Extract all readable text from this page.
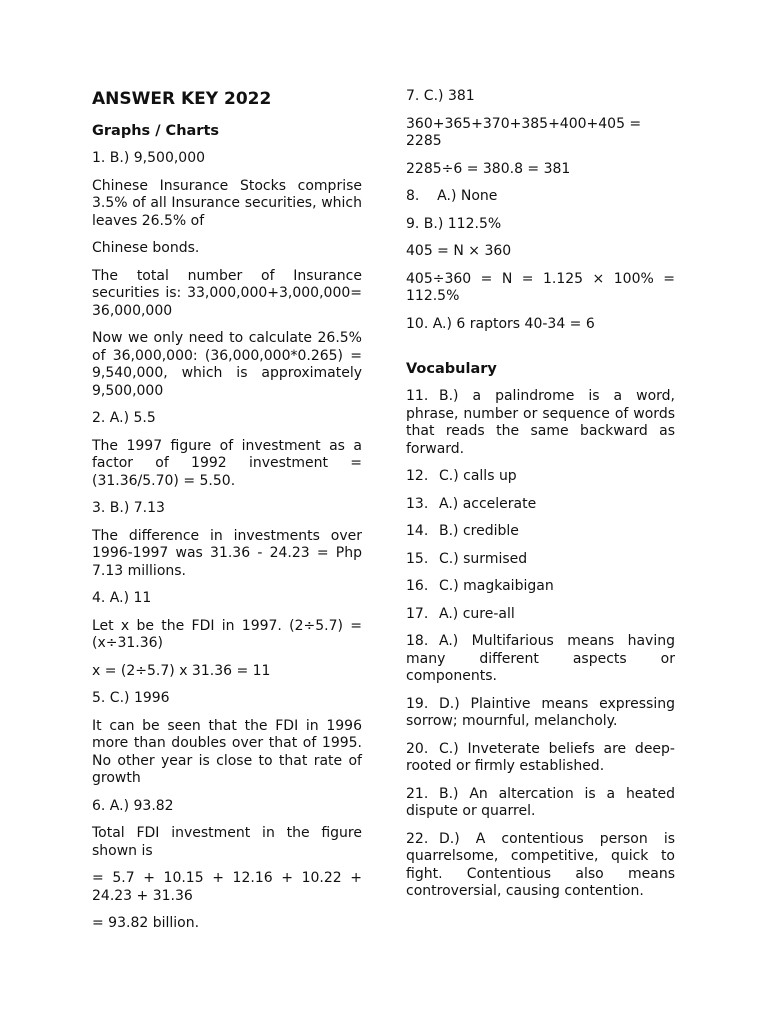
ANSWER KEY 2022
Graphs / Charts

1. B.) 9,500,000

Chinese Insurance Stocks comprise 3.5% of all Insurance securities, which leaves 26.5% of

Chinese bonds.

The total number of Insurance securities is: 33,000,000+3,000,000= 36,000,000

Now we only need to calculate 26.5% of 36,000,000: (36,000,000*0.265) = 9,540,000, which is approximately 9,500,000

2. A.) 5.5

The 1997 figure of investment as a factor of 1992 investment = (31.36/5.70) = 5.50.

3. B.) 7.13

The difference in investments over 1996-1997 was 31.36 - 24.23 = Php 7.13 millions.

4. A.) 11

Let x be the FDI in 1997. (2÷5.7) = (x÷31.36)

x = (2÷5.7) x 31.36 = 11

5. C.) 1996

It can be seen that the FDI in 1996 more than doubles over that of 1995. No other year is close to that rate of growth

6. A.) 93.82

Total FDI investment in the figure shown is

= 5.7 + 10.15 + 12.16 + 10.22 + 24.23 + 31.36

= 93.82 billion.

7. C.) 381

360+365+370+385+400+405 = 2285

2285÷6 = 380.8 = 381

8.    A.) None

9. B.) 112.5%

405 = N × 360

405÷360 = N = 1.125 × 100% = 112.5%

10. A.) 6 raptors 40-34 = 6

Vocabulary

11. B.) a palindrome is a word, phrase, number or sequence of words that reads the same backward as forward.

12. C.) calls up

13. A.) accelerate

14. B.) credible

15. C.) surmised

16. C.) magkaibigan

17. A.) cure-all

18. A.) Multifarious means having many different aspects or components.

19. D.) Plaintive means expressing sorrow; mournful, melancholy.

20. C.) Inveterate beliefs are deep-rooted or firmly established.

21. B.) An altercation is a heated dispute or quarrel.

22. D.) A contentious person is quarrelsome, competitive, quick to fight. Contentious also means controversial, causing contention.
